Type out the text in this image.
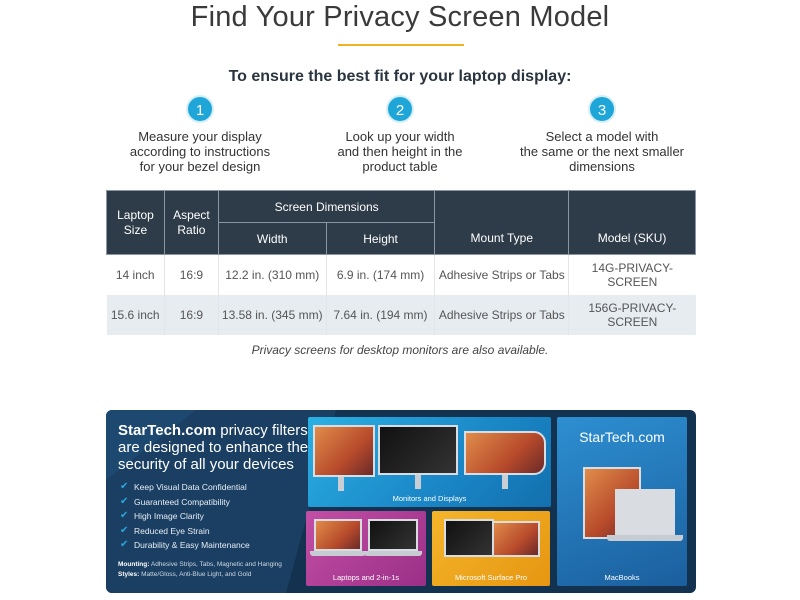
Find Your Privacy Screen Model
To ensure the best fit for your laptop display:
1
Measure your display
according to instructions
for your bezel design
2
Look up your width
and then height in the
product table
3
Select a model with
the same or the next smaller
dimensions
Laptop Size	Aspect Ratio	Screen Dimensions		Mount Type	Model (SKU)
		Width	Height		
14 inch	16:9	12.2 in. (310 mm)	6.9 in. (174 mm)	Adhesive Strips or Tabs	14G-PRIVACY-SCREEN
15.6 inch	16:9	13.58 in. (345 mm)	7.64 in. (194 mm)	Adhesive Strips or Tabs	156G-PRIVACY-SCREEN
Privacy screens for desktop monitors are also available.
StarTech.com privacy filters are designed to enhance the security of all your devices
✔ Keep Visual Data Confidential
✔ Guaranteed Compatibility
✔ High Image Clarity
✔ Reduced Eye Strain
✔ Durability & Easy Maintenance
Mounting: Adhesive Strips, Tabs, Magnetic and Hanging
Styles: Matte/Gloss, Anti-Blue Light, and Gold
Monitors and Displays
Laptops and 2-in-1s	Microsoft Surface Pro
StarTech.com
MacBooks
